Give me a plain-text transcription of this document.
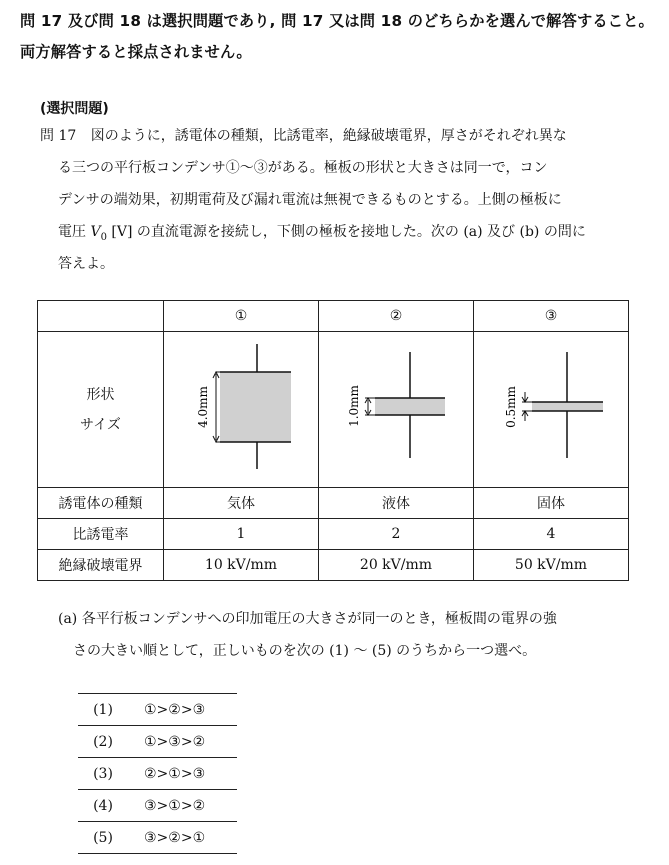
問 17 及び問 18 は選択問題であり, 問 17 又は問 18 のどちらかを選んで解答すること。
両方解答すると採点されません。
(選択問題)
問 17 図のように，誘電体の種類，比誘電率，絶縁破壊電界，厚さがそれぞれ異な
る三つの平行板コンデンサ①～③がある。極板の形状と大きさは同一で，コン
デンサの端効果，初期電荷及び漏れ電流は無視できるものとする。上側の極板に
電圧 $V_0$ [V] の直流電源を接続し，下側の極板を接地した。次の (a) 及び (b) の問に
答えよ。
	①	②	③

形状
サイズ	4.0mm	1.0mm	0.5mm

誘電体の種類	気体	液体	固体
比誘電率	1	2	4
絶縁破壊電界	10 kV/mm	20 kV/mm	50 kV/mm
(a) 各平行板コンデンサへの印加電圧の大きさが同一のとき，極板間の電界の強
さの大きい順として，正しいものを次の (1) ～ (5) のうちから一つ選べ。
(1)	①>②>③
(2)	①>③>②
(3)	②>①>③
(4)	③>①>②
(5)	③>②>①
